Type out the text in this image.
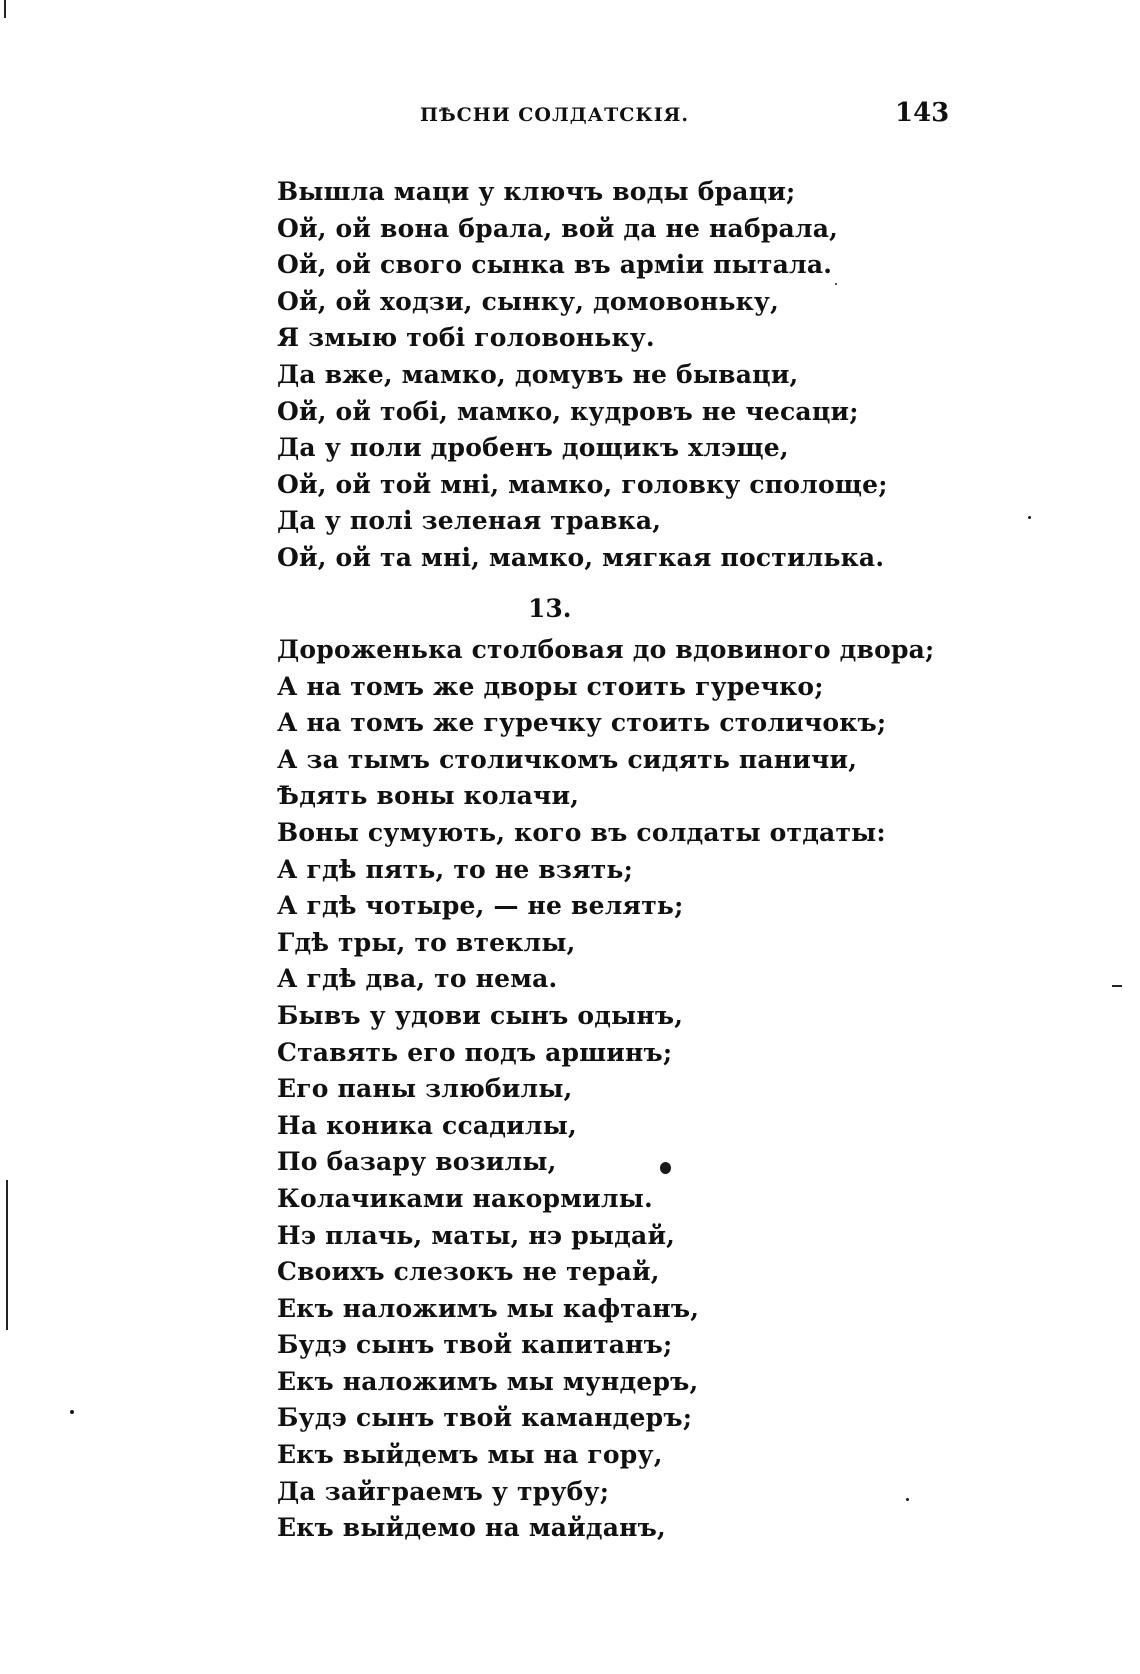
ПѢСНИ СОЛДАТСКІЯ.	143
Вышла маци у ключъ воды браци;
Ой, ой вона брала, вой да не набрала,
Ой, ой свого сынка въ арміи пытала.
Ой, ой ходзи, сынку, домовоньку,
Я змыю тобі головоньку.
Да вже, мамко, домувъ не бываци,
Ой, ой тобі, мамко, кудровъ не чесаци;
Да у поли дробенъ дощикъ хлэще,
Ой, ой той мні, мамко, головку сполоще;
Да у полі зеленая травка,
Ой, ой та мні, мамко, мягкая постилька.
13.
Дороженька столбовая до вдовиного двора;
А на томъ же дворы стоить гуречко;
А на томъ же гуречку стоить столичокъ;
А за тымъ столичкомъ сидять паничи,
Ѣдять воны колачи,
Воны сумують, кого въ солдаты отдаты:
А гдѣ пять, то не взять;
А гдѣ чотыре, — не велять;
Гдѣ тры, то втеклы,
А гдѣ два, то нема.
Бывъ у удови сынъ одынъ,
Ставять его подъ аршинъ;
Его паны злюбилы,
На коника ссадилы,
По базару возилы,
Колачиками накормилы.
Нэ плачь, маты, нэ рыдай,
Своихъ слезокъ не терай,
Екъ наложимъ мы кафтанъ,
Будэ сынъ твой капитанъ;
Екъ наложимъ мы мундеръ,
Будэ сынъ твой камандеръ;
Екъ выйдемъ мы на гору,
Да зайграемъ у трубу;
Екъ выйдемо на майданъ,
